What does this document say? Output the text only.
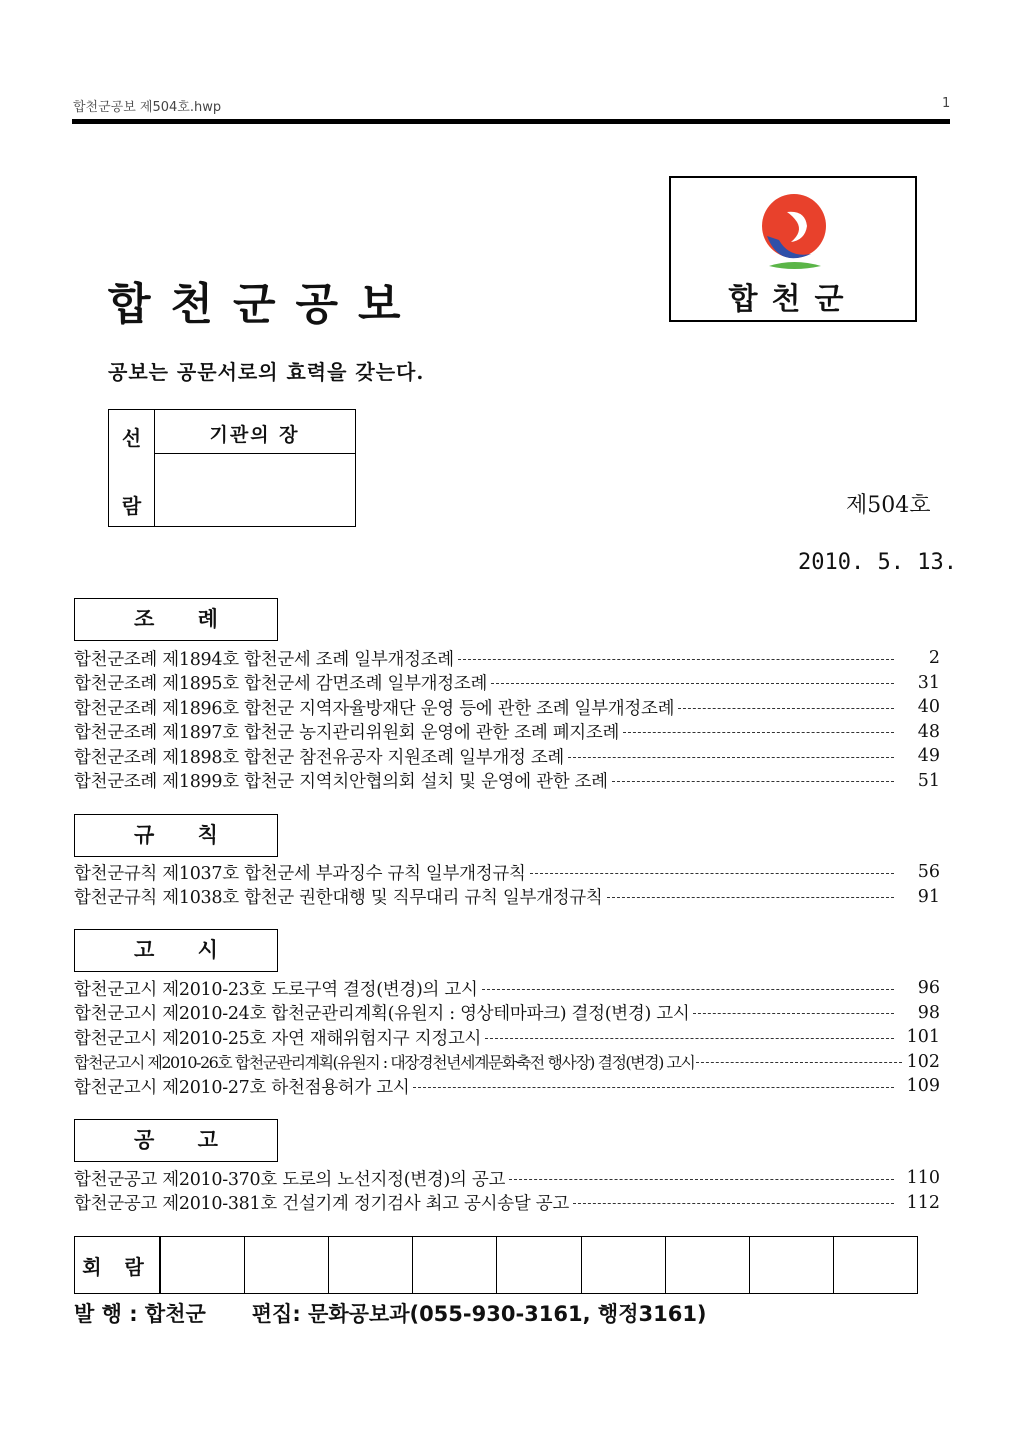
합천군공보 제504호.hwp	1
합천군공보	합천군
공보는 공문서로의 효력을 갖는다.
선
람
기관의 장
제504호
2010. 5. 13.
조 례
합천군조례 제1894호 합천군세 조례 일부개정조례	2
합천군조례 제1895호 합천군세 감면조례 일부개정조례	31
합천군조례 제1896호 합천군 지역자율방재단 운영 등에 관한 조례 일부개정조례	40
합천군조례 제1897호 합천군 농지관리위원회 운영에 관한 조례 폐지조례	48
합천군조례 제1898호 합천군 참전유공자 지원조례 일부개정 조례	49
합천군조례 제1899호 합천군 지역치안협의회 설치 및 운영에 관한 조례	51
규 칙
합천군규칙 제1037호 합천군세 부과징수 규칙 일부개정규칙	56
합천군규칙 제1038호 합천군 권한대행 및 직무대리 규칙 일부개정규칙	91
고 시
합천군고시 제2010-23호 도로구역 결정(변경)의 고시	96
합천군고시 제2010-24호 합천군관리계획(유원지 : 영상테마파크) 결정(변경) 고시	98
합천군고시 제2010-25호 자연 재해위험지구 지정고시	101
합천군고시 제2010-26호 합천군관리계획(유원지 : 대장경천년세계문화축전 행사장) 결정(변경) 고시	102
합천군고시 제2010-27호 하천점용허가 고시	109
공 고
합천군공고 제2010-370호 도로의 노선지정(변경)의 공고	110
합천군공고 제2010-381호 건설기계 정기검사 최고 공시송달 공고	112
회 람
발 행 : 합천군 편집: 문화공보과(055-930-3161, 행정3161)
